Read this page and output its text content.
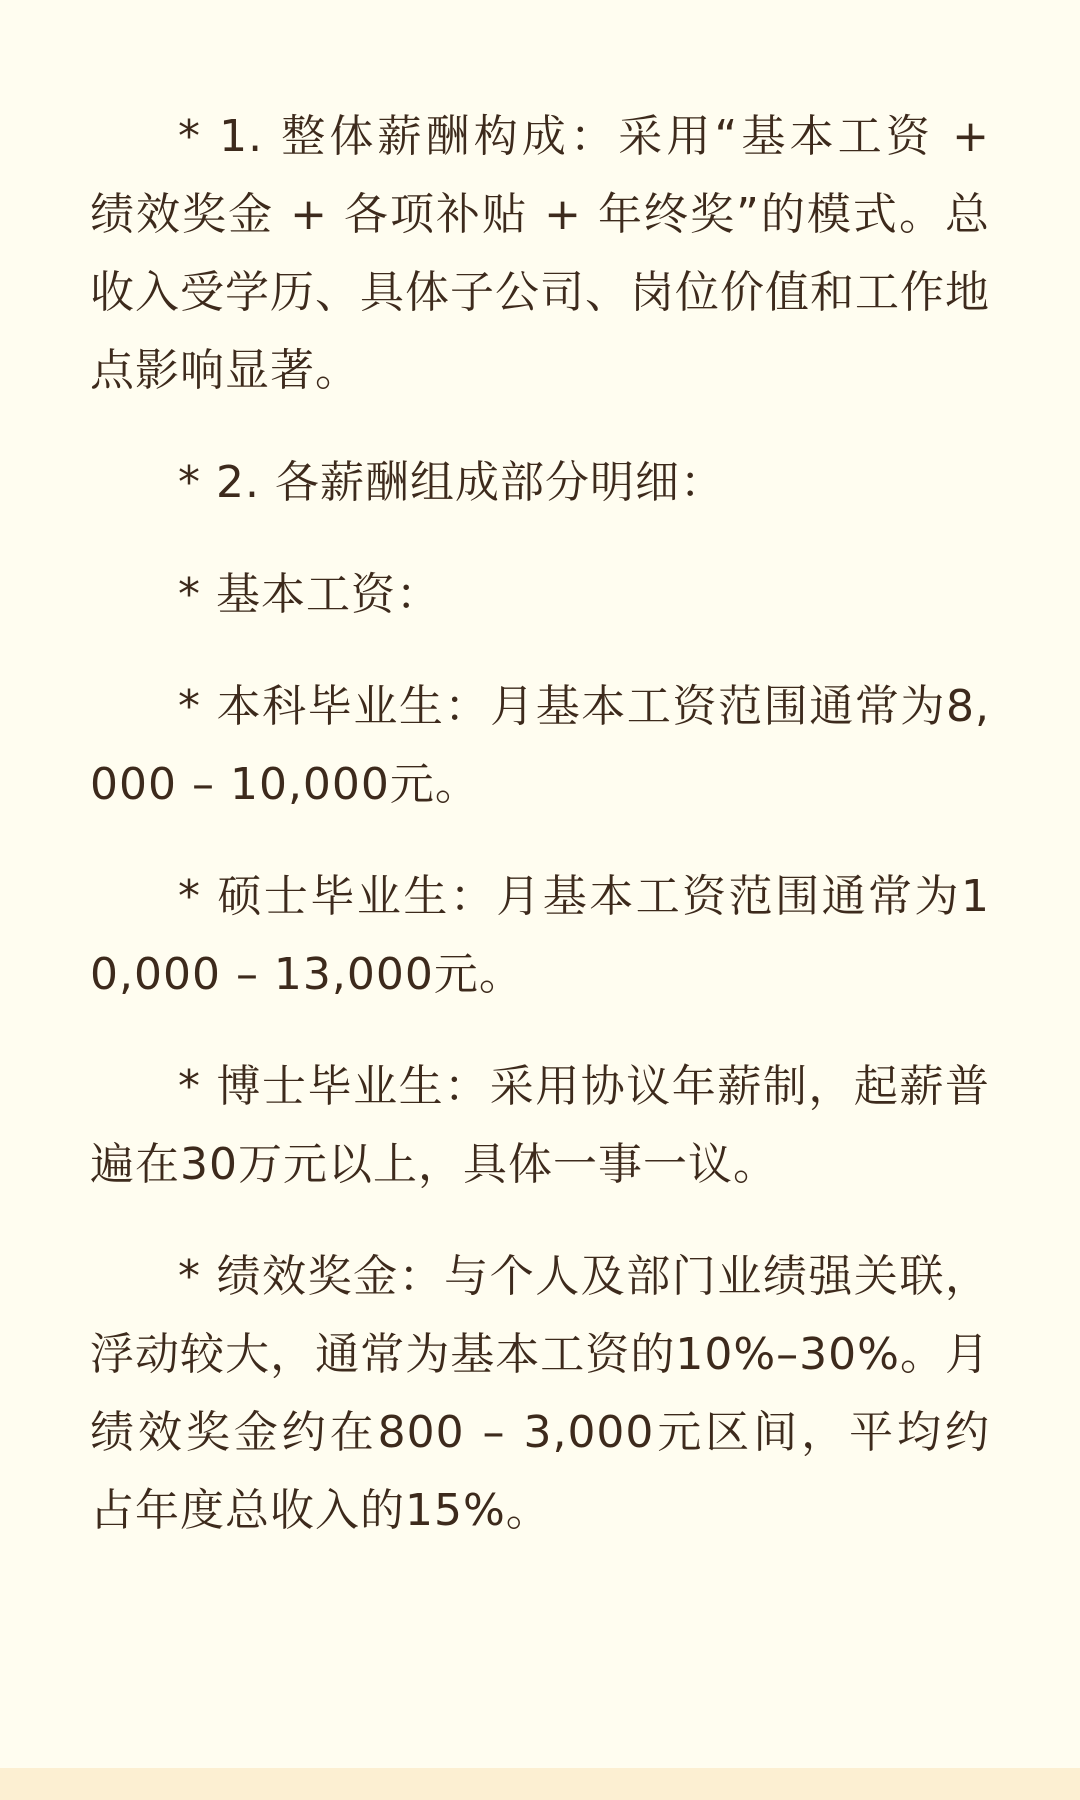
* 1. 整体薪酬构成：采用“基本工资 + 绩效奖金 + 各项补贴 + 年终奖”的模式。总收入受学历、具体子公司、岗位价值和工作地点影响显著。

* 2. 各薪酬组成部分明细：

* 基本工资：

* 本科毕业生：月基本工资范围通常为8,000 – 10,000元。

* 硕士毕业生：月基本工资范围通常为10,000 – 13,000元。

* 博士毕业生：采用协议年薪制，起薪普遍在30万元以上，具体一事一议。

* 绩效奖金：与个人及部门业绩强关联，浮动较大，通常为基本工资的10%–30%。月绩效奖金约在800 – 3,000元区间，平均约占年度总收入的15%。
